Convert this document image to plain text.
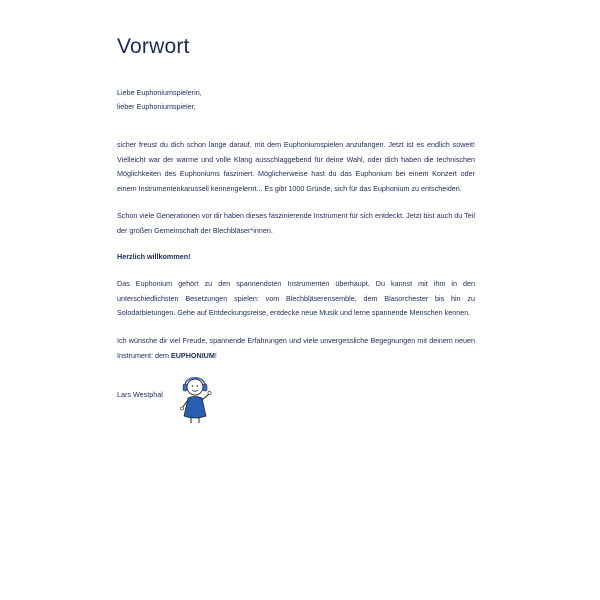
Vorwort
Liebe Euphoniumspielerin,
lieber Euphoniumspieler,

sicher freust du dich schon lange darauf, mit dem Euphoniumspielen anzufangen. Jetzt ist es endlich soweit! Vielleicht war der warme und volle Klang ausschlaggebend für deine Wahl, oder dich haben die technischen Möglichkeiten des Euphoniums fasziniert. Möglicherweise hast du das Euphonium bei einem Konzert oder einem Instrumentenkarussell kennengelernt... Es gibt 1000 Gründe, sich für das Euphonium zu entscheiden.

Schon viele Generationen vor dir haben dieses faszinierende Instrument für sich entdeckt. Jetzt bist auch du Teil der großen Gemeinschaft der Blechbläser*innen.

Herzlich willkommen!

Das Euphonium gehört zu den spannendsten Instrumenten überhaupt. Du kannst mit ihm in den unterschiedlichsten Besetzungen spielen: vom Blechbläserensemble, dem Blasorchester bis hin zu Solodarbietungen. Gehe auf Entdeckungsreise, entdecke neue Musik und lerne spannende Menschen kennen.

Ich wünsche dir viel Freude, spannende Erfahrungen und viele unvergessliche Begegnungen mit deinem neuen Instrument: dem EUPHONIUM!

Lars Westphal
